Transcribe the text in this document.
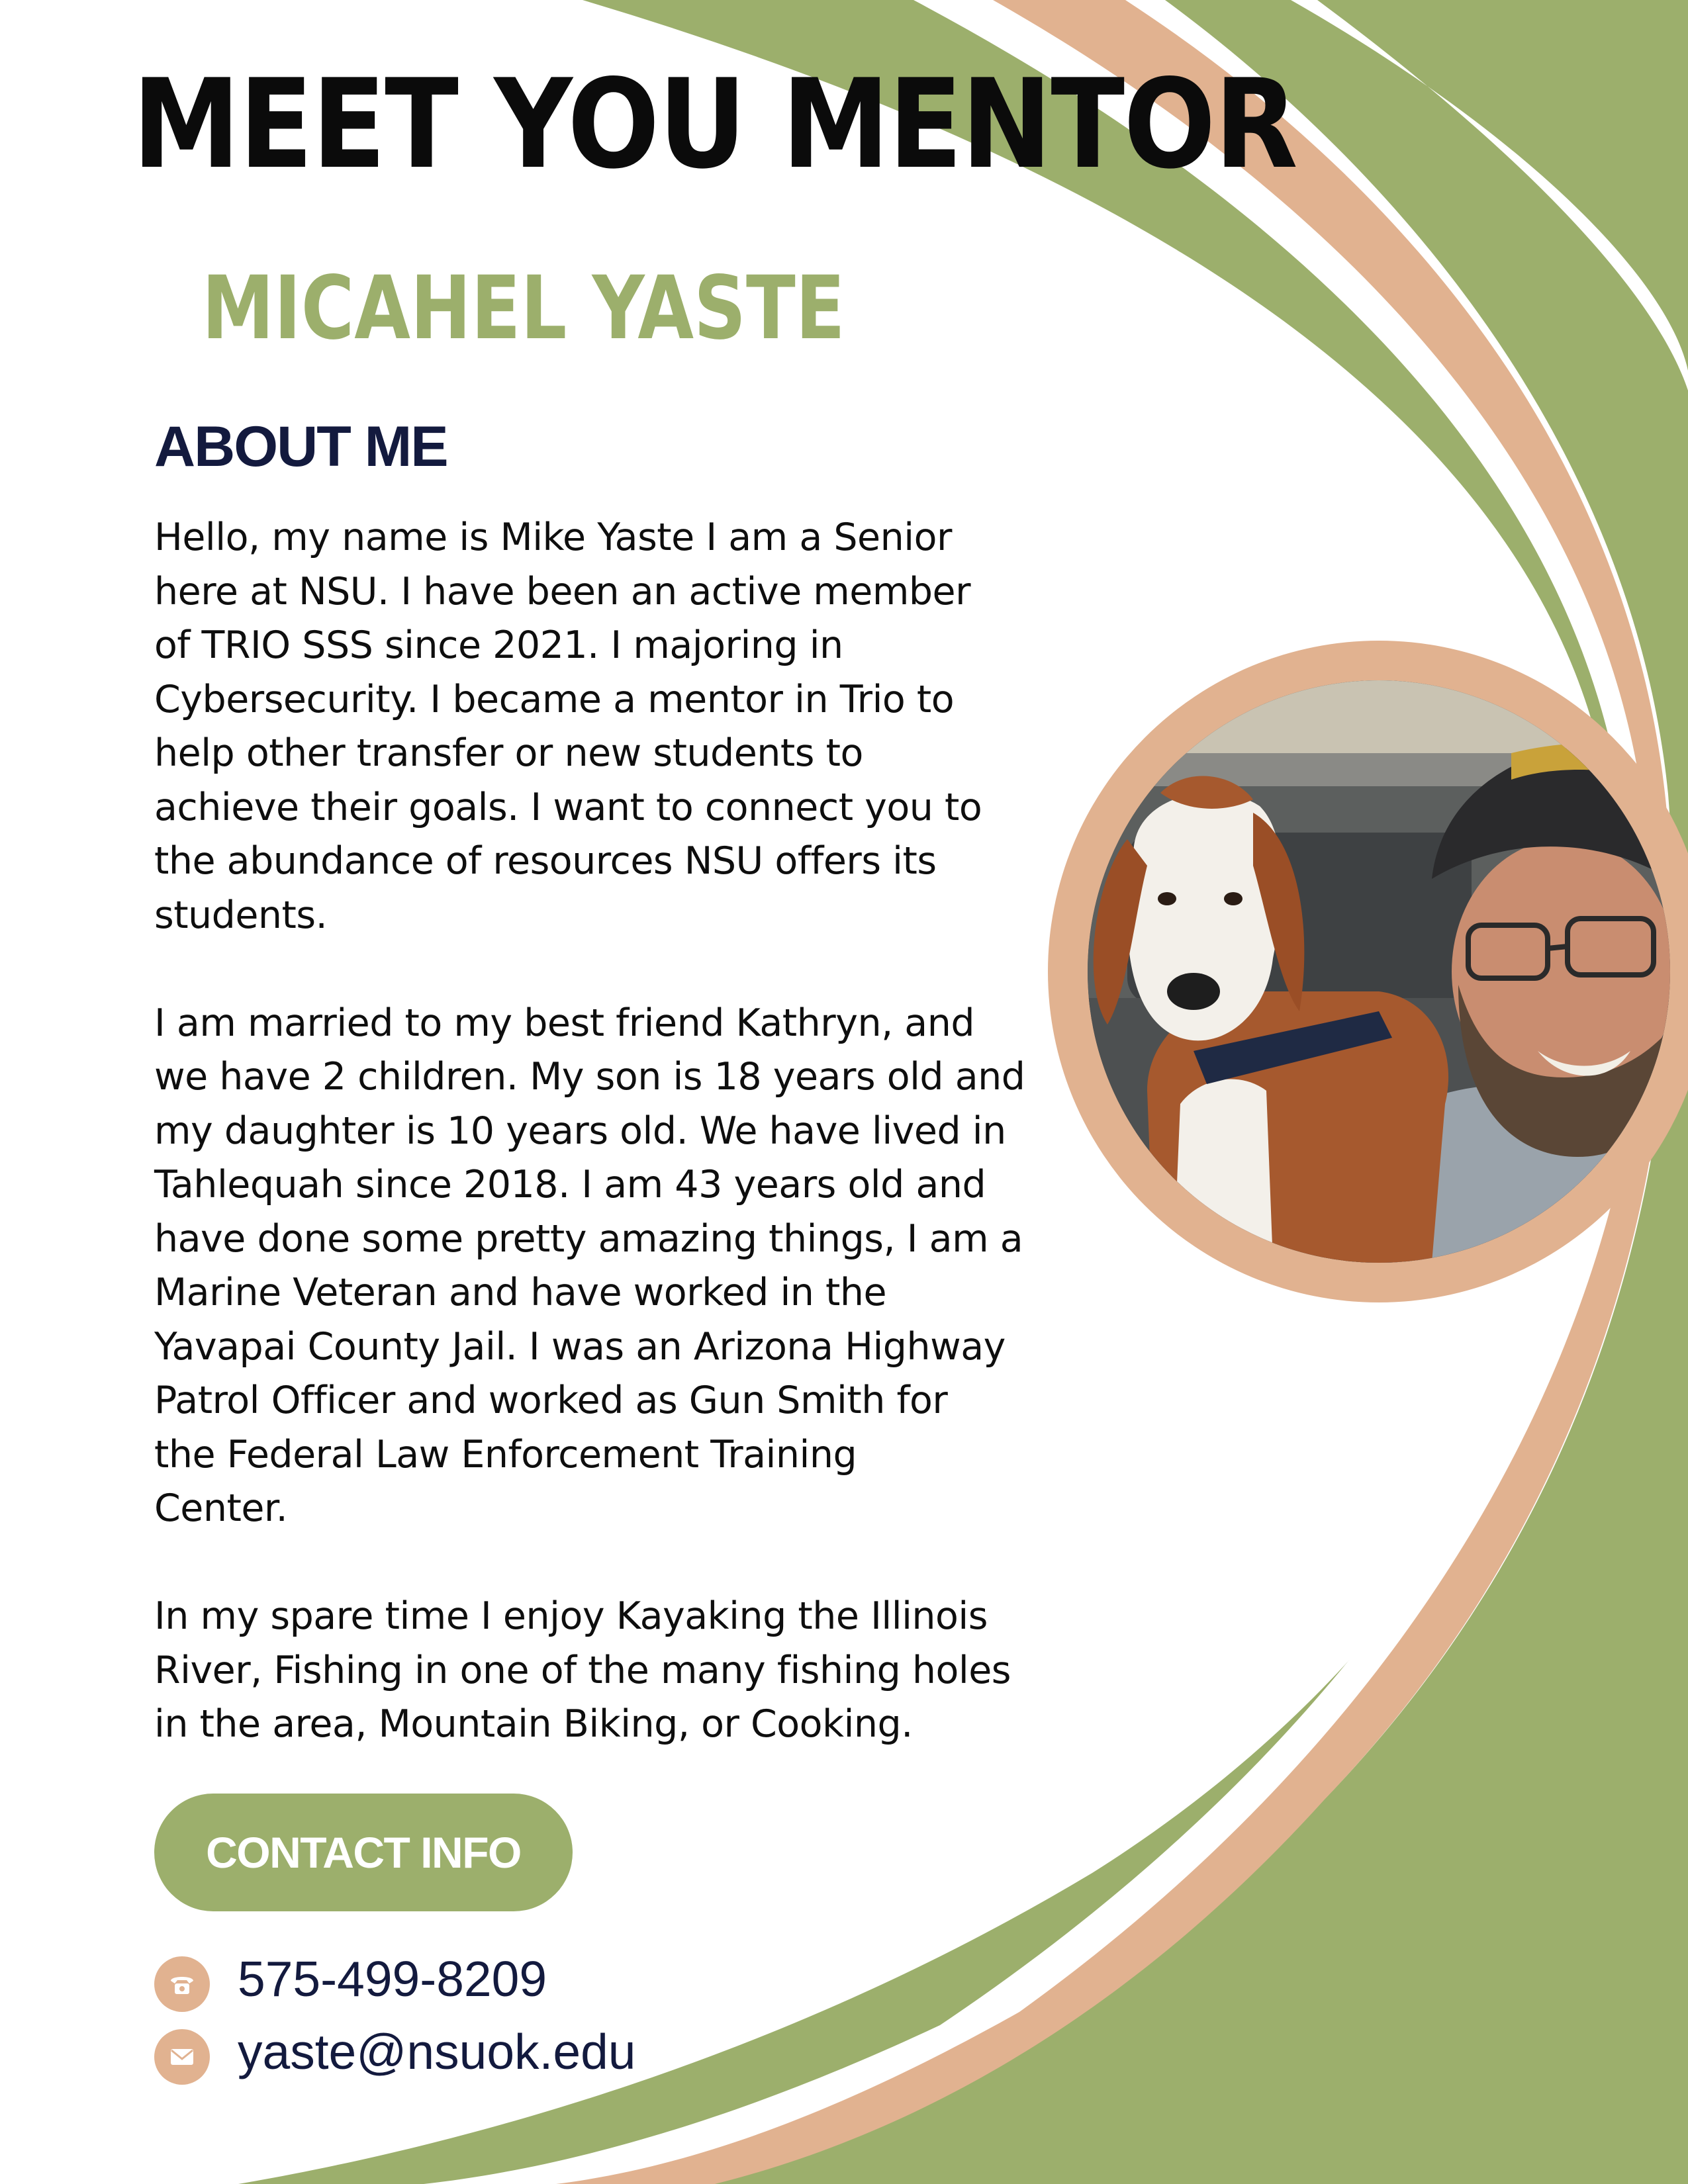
MEET YOU MENTOR
MICAHEL YASTE
ABOUT ME

Hello, my name is Mike Yaste I am a Senior
here at NSU. I have been an active member
of TRIO SSS since 2021. I majoring in
Cybersecurity. I became a mentor in Trio to
help other transfer or new students to
achieve their goals. I want to connect you to
the abundance of resources NSU offers its
students.

I am married to my best friend Kathryn, and
we have 2 children. My son is 18 years old and
my daughter is 10 years old. We have lived in
Tahlequah since 2018. I am 43 years old and
have done some pretty amazing things, I am a
Marine Veteran and have worked in the
Yavapai County Jail. I was an Arizona Highway
Patrol Officer and worked as Gun Smith for
the Federal Law Enforcement Training
Center.

In my spare time I enjoy Kayaking the Illinois
River, Fishing in one of the many fishing holes
in the area, Mountain Biking, or Cooking.

CONTACT INFO
575-499-8209
yaste@nsuok.edu
